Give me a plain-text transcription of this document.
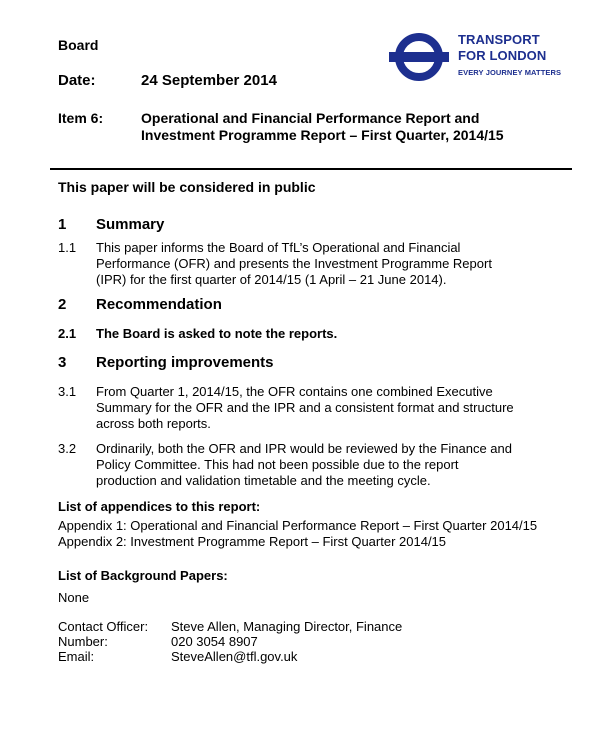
Board
Date:	24 September 2014
Item 6:	Operational and Financial Performance Report and
Investment Programme Report – First Quarter, 2014/15
TRANSPORT
FOR LONDON
EVERY JOURNEY MATTERS
This paper will be considered in public
1 Summary
1.1 This paper informs the Board of TfL’s Operational and Financial Performance (OFR) and presents the Investment Programme Report (IPR) for the first quarter of 2014/15 (1 April – 21 June 2014).
2 Recommendation
2.1 The Board is asked to note the reports.
3 Reporting improvements
3.1 From Quarter 1, 2014/15, the OFR contains one combined Executive Summary for the OFR and the IPR and a consistent format and structure across both reports.
3.2 Ordinarily, both the OFR and IPR would be reviewed by the Finance and Policy Committee. This had not been possible due to the report production and validation timetable and the meeting cycle.
List of appendices to this report:
Appendix 1: Operational and Financial Performance Report – First Quarter 2014/15
Appendix 2: Investment Programme Report – First Quarter 2014/15
List of Background Papers:
None
Contact Officer: Steve Allen, Managing Director, Finance
Number:	020 3054 8907
Email:	SteveAllen@tfl.gov.uk
